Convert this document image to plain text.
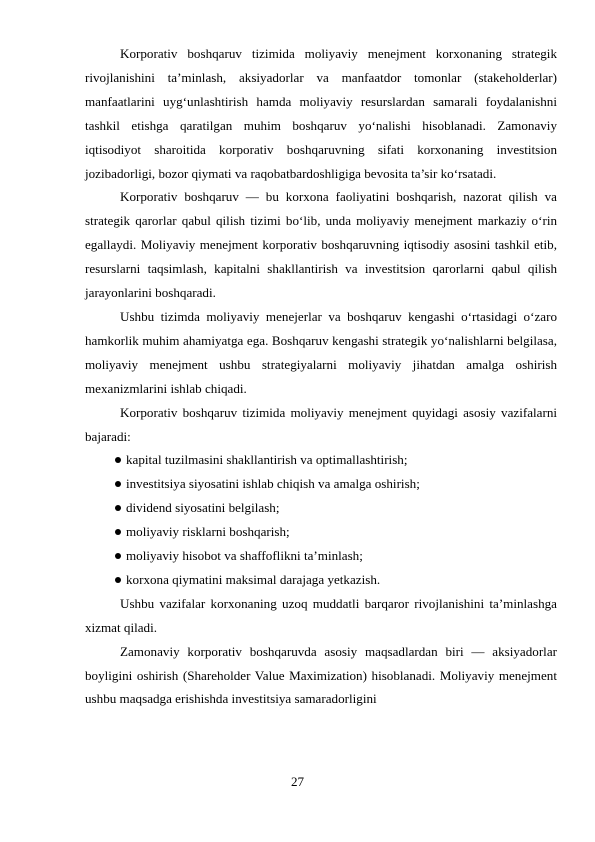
Korporativ boshqaruv tizimida moliyaviy menejment korxonaning strategik rivojlanishini ta’minlash, aksiyadorlar va manfaatdor tomonlar (stakeholderlar) manfaatlarini uyg‘unlashtirish hamda moliyaviy resurslardan samarali foydalanishni tashkil etishga qaratilgan muhim boshqaruv yo‘nalishi hisoblanadi. Zamonaviy iqtisodiyot sharoitida korporativ boshqaruvning sifati korxonaning investitsion jozibadorligi, bozor qiymati va raqobatbardoshligiga bevosita ta’sir ko‘rsatadi.

Korporativ boshqaruv — bu korxona faoliyatini boshqarish, nazorat qilish va strategik qarorlar qabul qilish tizimi bo‘lib, unda moliyaviy menejment markaziy o‘rin egallaydi. Moliyaviy menejment korporativ boshqaruvning iqtisodiy asosini tashkil etib, resurslarni taqsimlash, kapitalni shakllantirish va investitsion qarorlarni qabul qilish jarayonlarini boshqaradi.

Ushbu tizimda moliyaviy menejerlar va boshqaruv kengashi o‘rtasidagi o‘zaro hamkorlik muhim ahamiyatga ega. Boshqaruv kengashi strategik yo‘nalishlarni belgilasa, moliyaviy menejment ushbu strategiyalarni moliyaviy jihatdan amalga oshirish mexanizmlarini ishlab chiqadi.

Korporativ boshqaruv tizimida moliyaviy menejment quyidagi asosiy vazifalarni bajaradi:

kapital tuzilmasini shakllantirish va optimallashtirish;
investitsiya siyosatini ishlab chiqish va amalga oshirish;
dividend siyosatini belgilash;
moliyaviy risklarni boshqarish;
moliyaviy hisobot va shaffoflikni ta’minlash;
korxona qiymatini maksimal darajaga yetkazish.

Ushbu vazifalar korxonaning uzoq muddatli barqaror rivojlanishini ta’minlashga xizmat qiladi.

Zamonaviy korporativ boshqaruvda asosiy maqsadlardan biri — aksiyadorlar boyligini oshirish (Shareholder Value Maximization) hisoblanadi. Moliyaviy menejment ushbu maqsadga erishishda investitsiya samaradorligini

27
